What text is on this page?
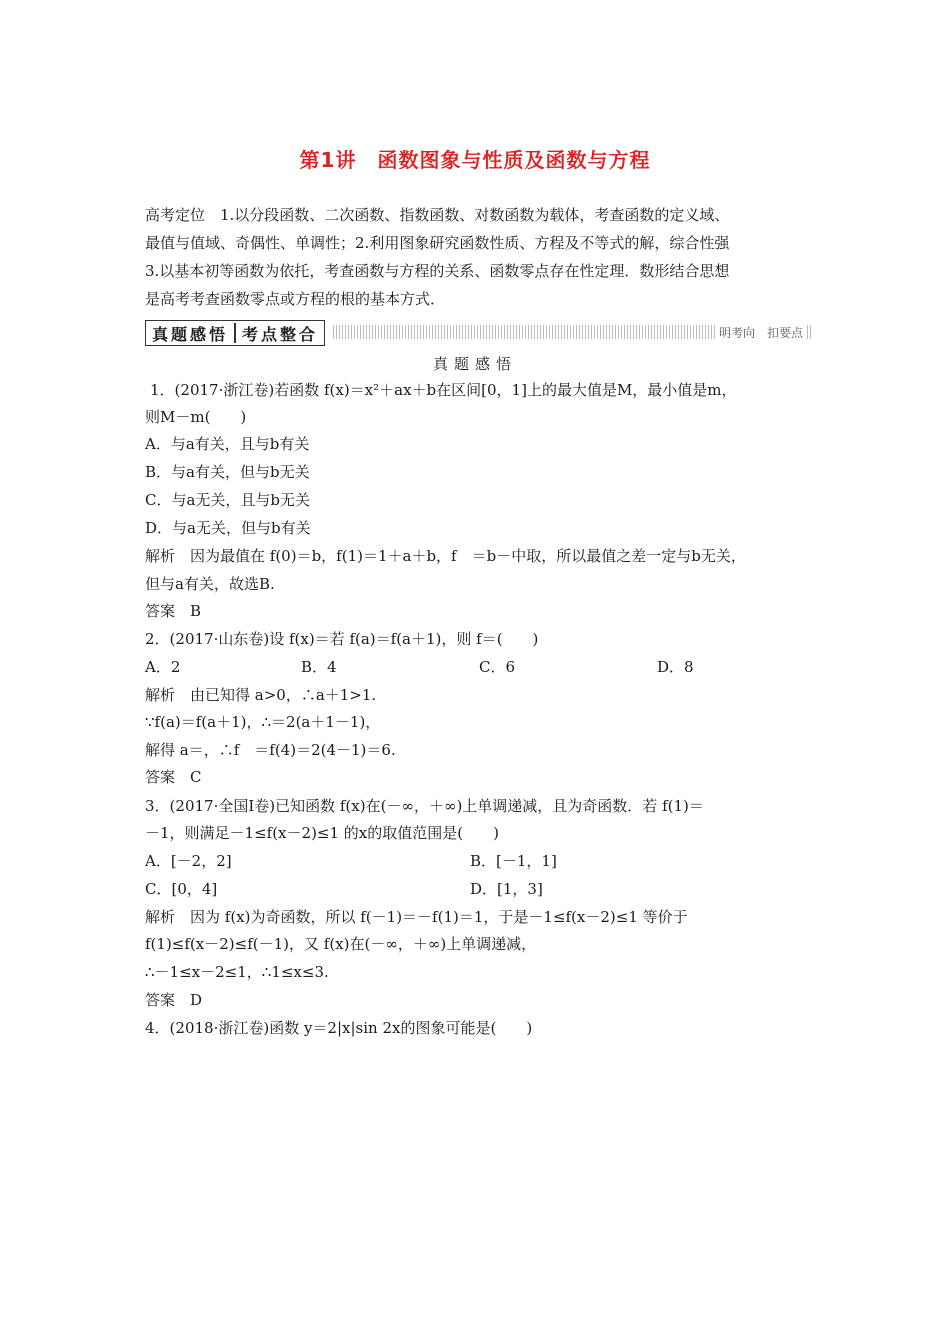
第1讲　函数图象与性质及函数与方程
高考定位　1.以分段函数、二次函数、指数函数、对数函数为载体，考查函数的定义域、
最值与值域、奇偶性、单调性；2.利用图象研究函数性质、方程及不等式的解，综合性强
3.以基本初等函数为依托，考查函数与方程的关系、函数零点存在性定理．数形结合思想
是高考考查函数零点或方程的根的基本方式．
真题感悟 考点整合	明考向　扣要点
真题感悟
1．(2017·浙江卷)若函数 f(x)＝x²＋ax＋b在区间[0，1]上的最大值是M，最小值是m，
则M－m(　　)
A．与a有关，且与b有关
B．与a有关，但与b无关
C．与a无关，且与b无关
D．与a无关，但与b有关
解析　因为最值在 f(0)＝b，f(1)＝1＋a＋b，f　＝b－中取，所以最值之差一定与b无关，
但与a有关，故选B.
答案　B
2．(2017·山东卷)设 f(x)＝若 f(a)＝f(a＋1)，则 f＝(　　)
A．2	B．4	C．6	D．8
解析　由已知得 a>0，∴a＋1>1.
∵f(a)＝f(a＋1)，∴＝2(a＋1－1)，
解得 a＝，∴f　＝f(4)＝2(4－1)＝6.
答案　C
3．(2017·全国Ⅰ卷)已知函数 f(x)在(－∞，＋∞)上单调递减，且为奇函数．若 f(1)＝
－1，则满足－1≤f(x－2)≤1 的x的取值范围是(　　)
A．[－2，2]	B．[－1，1]
C．[0，4]	D．[1，3]
解析　因为 f(x)为奇函数，所以 f(－1)＝－f(1)＝1，于是－1≤f(x－2)≤1 等价于
f(1)≤f(x－2)≤f(－1)，又 f(x)在(－∞，＋∞)上单调递减，
∴－1≤x－2≤1，∴1≤x≤3.
答案　D
4．(2018·浙江卷)函数 y＝2|x|sin 2x的图象可能是(　　)
